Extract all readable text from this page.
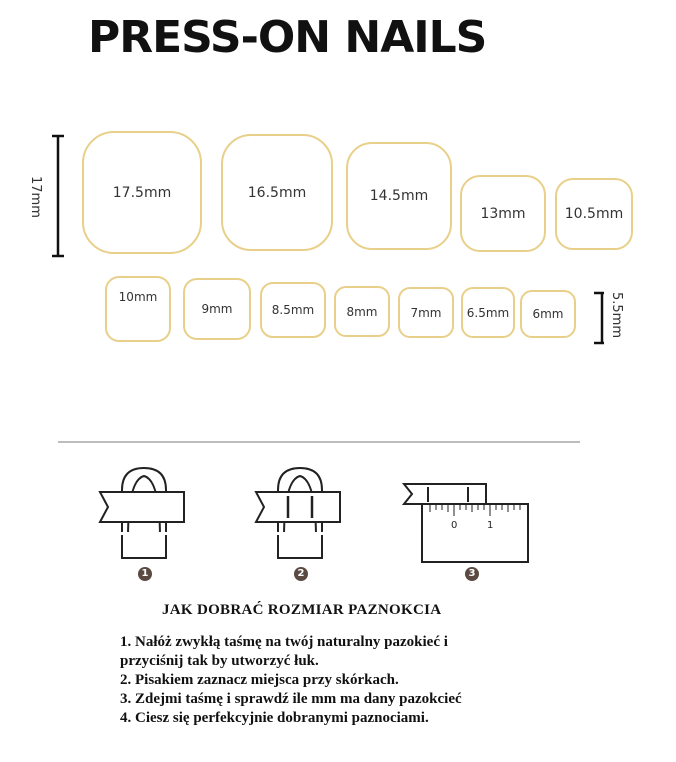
PRESS-ON NAILS
17mm	17.5mm	16.5mm	14.5mm
13mm	10.5mm
10mm
9mm	8.5mm	8mm	7mm 6.5mm 6mm	5.5mm
1	2
0	1
3
JAK DOBRAĆ ROZMIAR PAZNOKCIA
1. Nałóż zwykłą taśmę na twój naturalny pazokieć i
przyciśnij tak by utworzyć łuk.
2. Pisakiem zaznacz miejsca przy skórkach.
3. Zdejmi taśmę i sprawdź ile mm ma dany pazokcieć
4. Ciesz się perfekcyjnie dobranymi paznociami.
